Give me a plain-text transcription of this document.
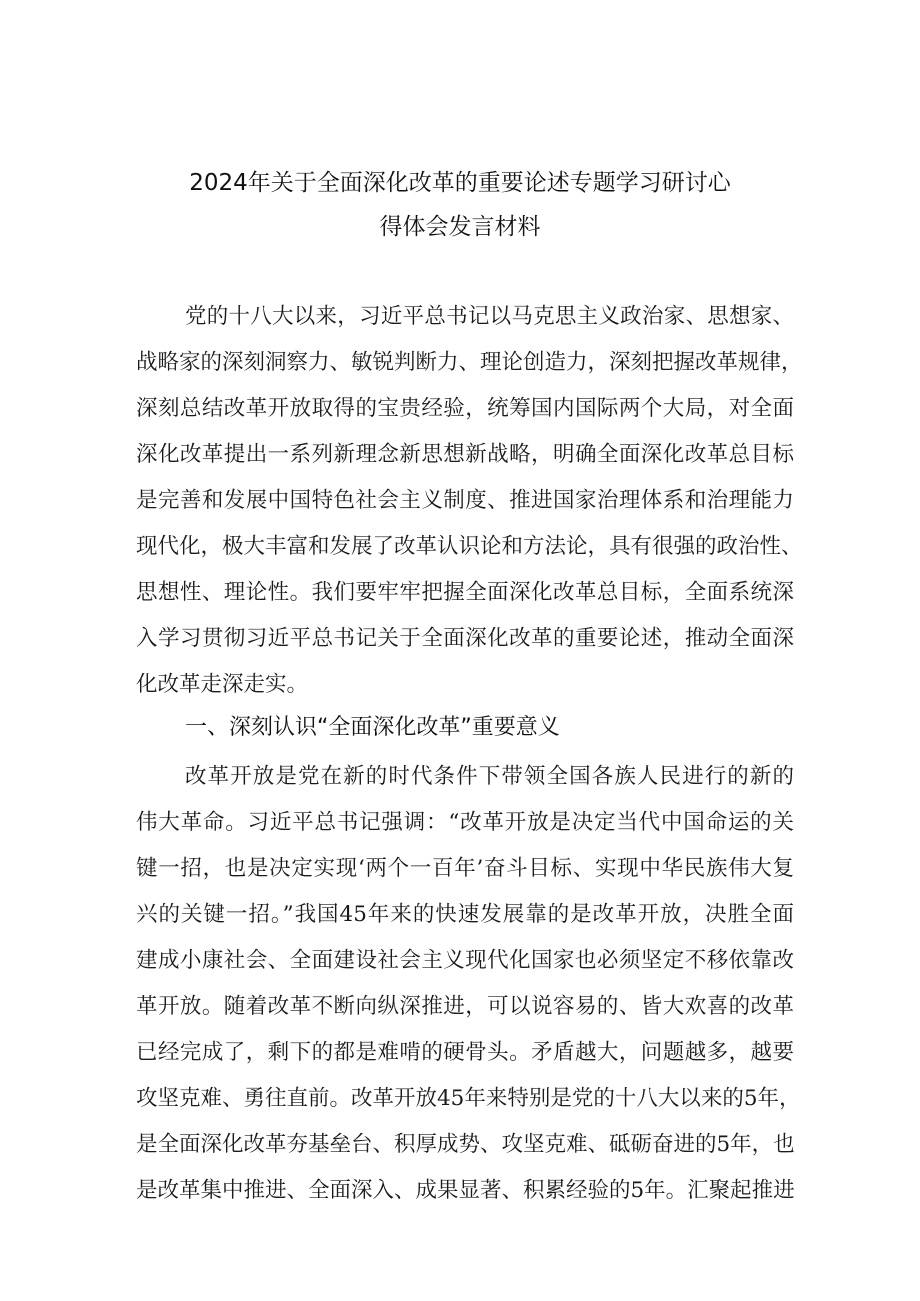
2024年关于全面深化改革的重要论述专题学习研讨心
得体会发言材料
党的十八大以来，习近平总书记以马克思主义政治家、思想家、
战略家的深刻洞察力、敏锐判断力、理论创造力，深刻把握改革规律，
深刻总结改革开放取得的宝贵经验，统筹国内国际两个大局，对全面
深化改革提出一系列新理念新思想新战略，明确全面深化改革总目标
是完善和发展中国特色社会主义制度、推进国家治理体系和治理能力
现代化，极大丰富和发展了改革认识论和方法论，具有很强的政治性、
思想性、理论性。我们要牢牢把握全面深化改革总目标，全面系统深
入学习贯彻习近平总书记关于全面深化改革的重要论述，推动全面深
化改革走深走实。
一、深刻认识“全面深化改革”重要意义
改革开放是党在新的时代条件下带领全国各族人民进行的新的
伟大革命。习近平总书记强调：“改革开放是决定当代中国命运的关
键一招，也是决定实现‘两个一百年’奋斗目标、实现中华民族伟大复
兴的关键一招。”我国45年来的快速发展靠的是改革开放，决胜全面
建成小康社会、全面建设社会主义现代化国家也必须坚定不移依靠改
革开放。随着改革不断向纵深推进，可以说容易的、皆大欢喜的改革
已经完成了，剩下的都是难啃的硬骨头。矛盾越大，问题越多，越要
攻坚克难、勇往直前。改革开放45年来特别是党的十八大以来的5年，
是全面深化改革夯基垒台、积厚成势、攻坚克难、砥砺奋进的5年，也
是改革集中推进、全面深入、成果显著、积累经验的5年。汇聚起推进
